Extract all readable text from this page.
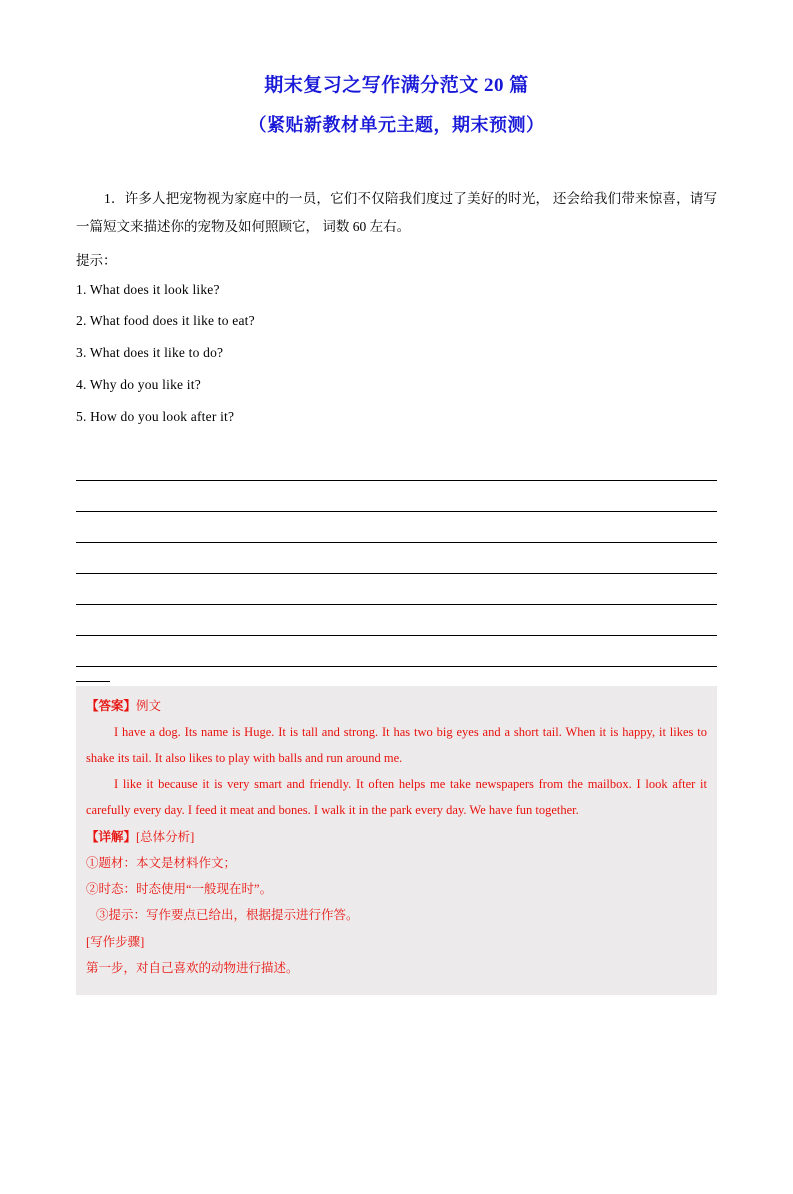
期末复习之写作满分范文 20 篇
（紧贴新教材单元主题，期末预测）
1．许多人把宠物视为家庭中的一员，它们不仅陪我们度过了美好的时光， 还会给我们带来惊喜，请写一篇短文来描述你的宠物及如何照顾它， 词数 60 左右。
提示：
1. What does it look like?
2. What food does it like to eat?
3. What does it like to do?
4. Why do you like it?
5. How do you look after it?
【答案】例文
I have a dog. Its name is Huge. It is tall and strong. It has two big eyes and a short tail. When it is happy, it likes to shake its tail. It also likes to play with balls and run around me.
I like it because it is very smart and friendly. It often helps me take newspapers from the mailbox. I look after it carefully every day. I feed it meat and bones. I walk it in the park every day. We have fun together.
【详解】[总体分析]
①题材：本文是材料作文；
②时态：时态使用“一般现在时”。
③提示：写作要点已给出，根据提示进行作答。
[写作步骤]
第一步，对自己喜欢的动物进行描述。
